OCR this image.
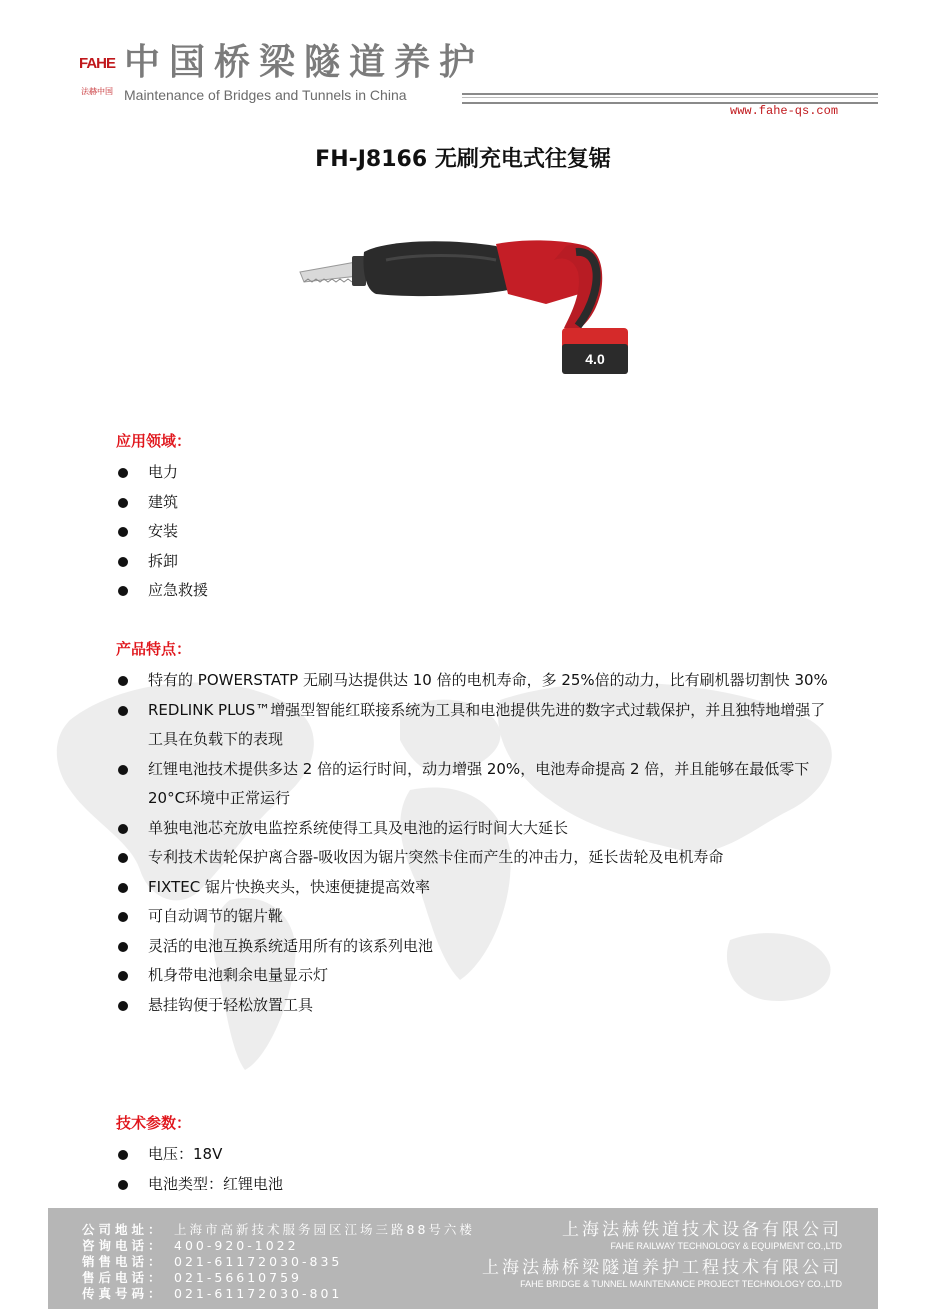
FAHE
法赫中国
中国桥梁隧道养护
Maintenance of Bridges and Tunnels in China
www.fahe-qs.com
FH-J8166 无刷充电式往复锯
4.0
应用领域：
电力
建筑
安装
拆卸
应急救援
产品特点：
特有的 POWERSTATP 无刷马达提供达 10 倍的电机寿命，多 25%倍的动力，比有刷机器切割快 30%
REDLINK PLUS™增强型智能红联接系统为工具和电池提供先进的数字式过载保护，并且独特地增强了工具在负载下的表现
红锂电池技术提供多达 2 倍的运行时间，动力增强 20%，电池寿命提高 2 倍，并且能够在最低零下 20°C环境中正常运行
单独电池芯充放电监控系统使得工具及电池的运行时间大大延长
专利技术齿轮保护离合器-吸收因为锯片突然卡住而产生的冲击力，延长齿轮及电机寿命
FIXTEC 锯片快换夹头，快速便捷提高效率
可自动调节的锯片靴
灵活的电池互换系统适用所有的该系列电池
机身带电池剩余电量显示灯
悬挂钩便于轻松放置工具
技术参数：
电压：18V
电池类型：红锂电池
公司地址： 上海市高新技术服务园区江场三路88号六楼
咨询电话： 400-920-1022
销售电话： 021-61172030-835
售后电话： 021-56610759
传真号码： 021-61172030-801
上海法赫铁道技术设备有限公司
FAHE RAILWAY TECHNOLOGY & EQUIPMENT CO.,LTD
上海法赫桥梁隧道养护工程技术有限公司
FAHE BRIDGE & TUNNEL MAINTENANCE PROJECT TECHNOLOGY CO.,LTD
